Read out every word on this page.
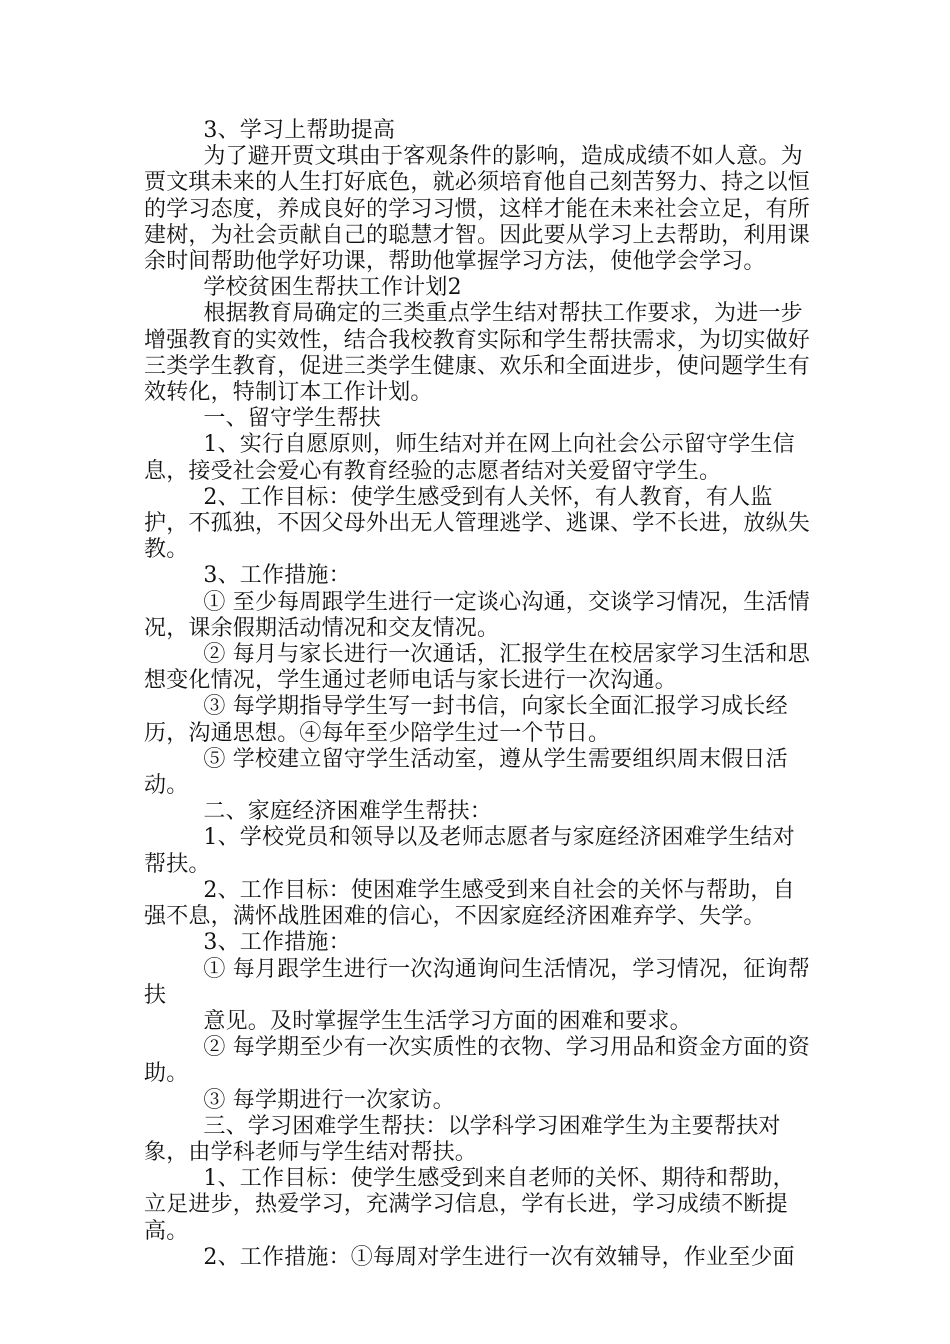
3、学习上帮助提高

为了避开贾文琪由于客观条件的影响，造成成绩不如人意。为贾文琪未来的人生打好底色，就必须培育他自己刻苦努力、持之以恒的学习态度，养成良好的学习习惯，这样才能在未来社会立足，有所建树，为社会贡献自己的聪慧才智。因此要从学习上去帮助，利用课余时间帮助他学好功课，帮助他掌握学习方法，使他学会学习。

学校贫困生帮扶工作计划2

根据教育局确定的三类重点学生结对帮扶工作要求，为进一步增强教育的实效性，结合我校教育实际和学生帮扶需求，为切实做好三类学生教育，促进三类学生健康、欢乐和全面进步，使问题学生有效转化，特制订本工作计划。

一、留守学生帮扶

1、实行自愿原则，师生结对并在网上向社会公示留守学生信息，接受社会爱心有教育经验的志愿者结对关爱留守学生。

2、工作目标：使学生感受到有人关怀，有人教育，有人监护，不孤独，不因父母外出无人管理逃学、逃课、学不长进，放纵失教。

3、工作措施：

① 至少每周跟学生进行一定谈心沟通，交谈学习情况，生活情况，课余假期活动情况和交友情况。

② 每月与家长进行一次通话，汇报学生在校居家学习生活和思想变化情况，学生通过老师电话与家长进行一次沟通。

③ 每学期指导学生写一封书信，向家长全面汇报学习成长经历，沟通思想。④每年至少陪学生过一个节日。

⑤ 学校建立留守学生活动室，遵从学生需要组织周末假日活动。

二、家庭经济困难学生帮扶：

1、学校党员和领导以及老师志愿者与家庭经济困难学生结对帮扶。

2、工作目标：使困难学生感受到来自社会的关怀与帮助，自强不息，满怀战胜困难的信心，不因家庭经济困难弃学、失学。

3、工作措施：

① 每月跟学生进行一次沟通询问生活情况，学习情况，征询帮扶

意见。及时掌握学生生活学习方面的困难和要求。

② 每学期至少有一次实质性的衣物、学习用品和资金方面的资助。

③ 每学期进行一次家访。

三、学习困难学生帮扶：以学科学习困难学生为主要帮扶对象，由学科老师与学生结对帮扶。

1、工作目标：使学生感受到来自老师的关怀、期待和帮助，立足进步，热爱学习，充满学习信息，学有长进，学习成绩不断提高。

2、工作措施：①每周对学生进行一次有效辅导，作业至少面
